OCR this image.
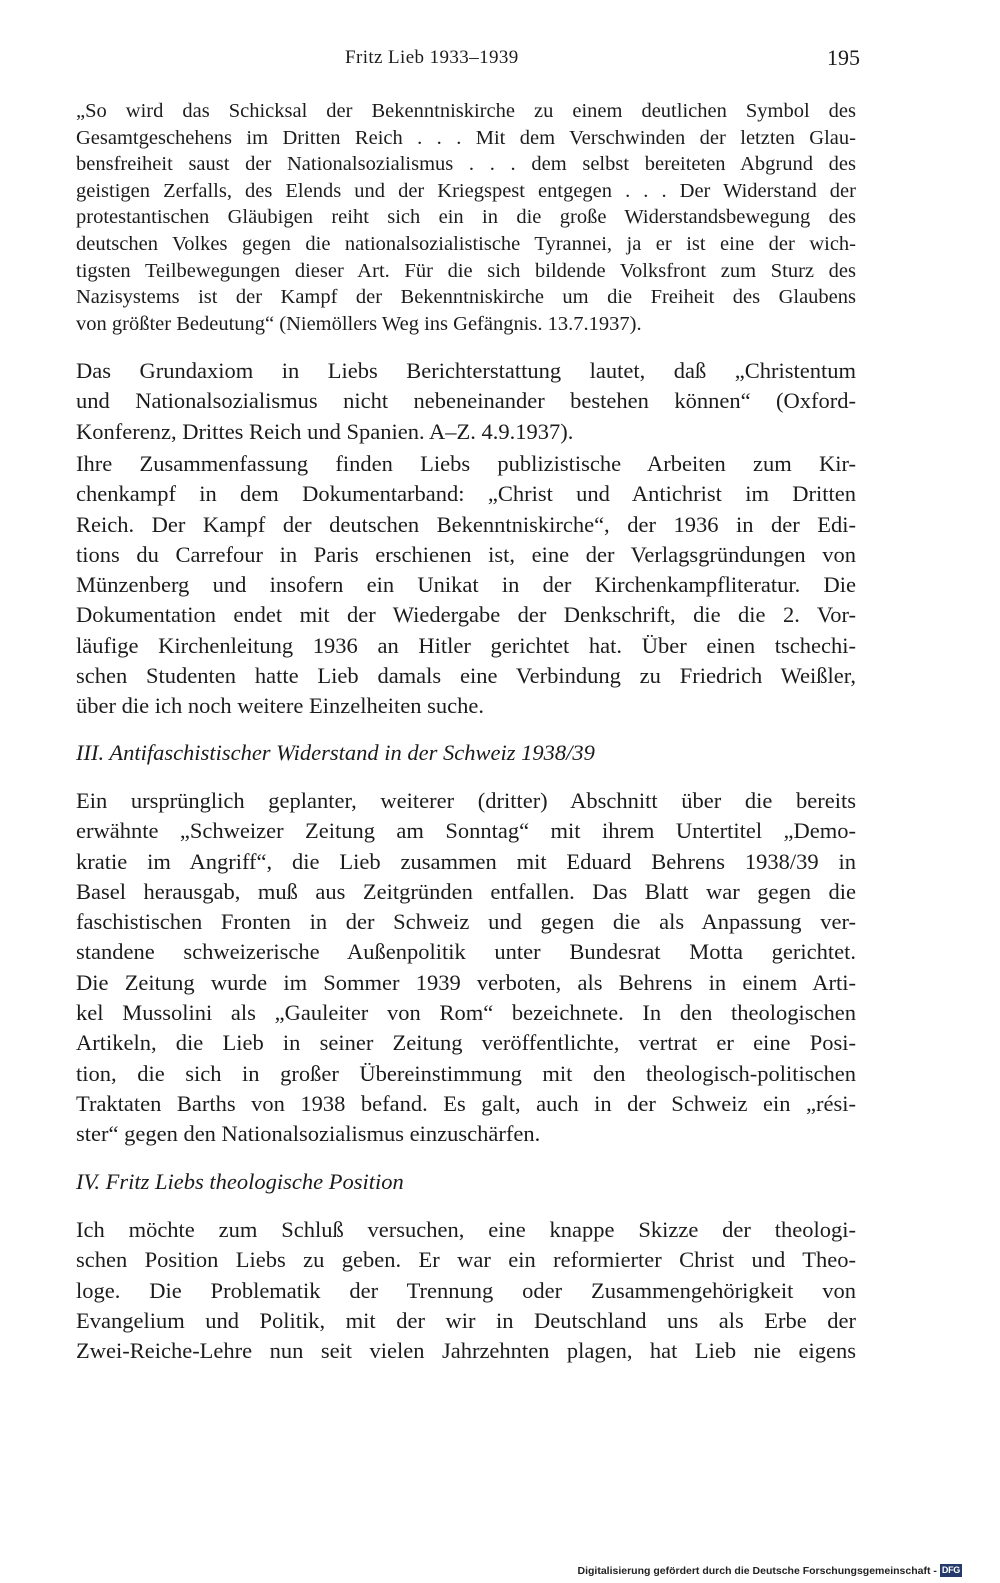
Fritz Lieb 1933–1939	195
„So wird das Schicksal der Bekenntniskirche zu einem deutlichen Symbol des
Gesamtgeschehens im Dritten Reich . . . Mit dem Verschwinden der letzten Glau-
bensfreiheit saust der Nationalsozialismus . . . dem selbst bereiteten Abgrund des
geistigen Zerfalls, des Elends und der Kriegspest entgegen . . . Der Widerstand der
protestantischen Gläubigen reiht sich ein in die große Widerstandsbewegung des
deutschen Volkes gegen die nationalsozialistische Tyrannei, ja er ist eine der wich-
tigsten Teilbewegungen dieser Art. Für die sich bildende Volksfront zum Sturz des
Nazisystems ist der Kampf der Bekenntniskirche um die Freiheit des Glaubens
von größter Bedeutung“ (Niemöllers Weg ins Gefängnis. 13.7.1937).
Das Grundaxiom in Liebs Berichterstattung lautet, daß „Christentum
und Nationalsozialismus nicht nebeneinander bestehen können“ (Oxford-
Konferenz, Drittes Reich und Spanien. A–Z. 4.9.1937).
Ihre Zusammenfassung finden Liebs publizistische Arbeiten zum Kir-
chenkampf in dem Dokumentarband: „Christ und Antichrist im Dritten
Reich. Der Kampf der deutschen Bekenntniskirche“, der 1936 in der Edi-
tions du Carrefour in Paris erschienen ist, eine der Verlagsgründungen von
Münzenberg und insofern ein Unikat in der Kirchenkampfliteratur. Die
Dokumentation endet mit der Wiedergabe der Denkschrift, die die 2. Vor-
läufige Kirchenleitung 1936 an Hitler gerichtet hat. Über einen tschechi-
schen Studenten hatte Lieb damals eine Verbindung zu Friedrich Weißler,
über die ich noch weitere Einzelheiten suche.
III. Antifaschistischer Widerstand in der Schweiz 1938/39
Ein ursprünglich geplanter, weiterer (dritter) Abschnitt über die bereits
erwähnte „Schweizer Zeitung am Sonntag“ mit ihrem Untertitel „Demo-
kratie im Angriff“, die Lieb zusammen mit Eduard Behrens 1938/39 in
Basel herausgab, muß aus Zeitgründen entfallen. Das Blatt war gegen die
faschistischen Fronten in der Schweiz und gegen die als Anpassung ver-
standene schweizerische Außenpolitik unter Bundesrat Motta gerichtet.
Die Zeitung wurde im Sommer 1939 verboten, als Behrens in einem Arti-
kel Mussolini als „Gauleiter von Rom“ bezeichnete. In den theologischen
Artikeln, die Lieb in seiner Zeitung veröffentlichte, vertrat er eine Posi-
tion, die sich in großer Übereinstimmung mit den theologisch-politischen
Traktaten Barths von 1938 befand. Es galt, auch in der Schweiz ein „rési-
ster“ gegen den Nationalsozialismus einzuschärfen.
IV. Fritz Liebs theologische Position
Ich möchte zum Schluß versuchen, eine knappe Skizze der theologi-
schen Position Liebs zu geben. Er war ein reformierter Christ und Theo-
loge. Die Problematik der Trennung oder Zusammengehörigkeit von
Evangelium und Politik, mit der wir in Deutschland uns als Erbe der
Zwei-Reiche-Lehre nun seit vielen Jahrzehnten plagen, hat Lieb nie eigens
Digitalisierung gefördert durch die Deutsche Forschungsgemeinschaft - DFG
